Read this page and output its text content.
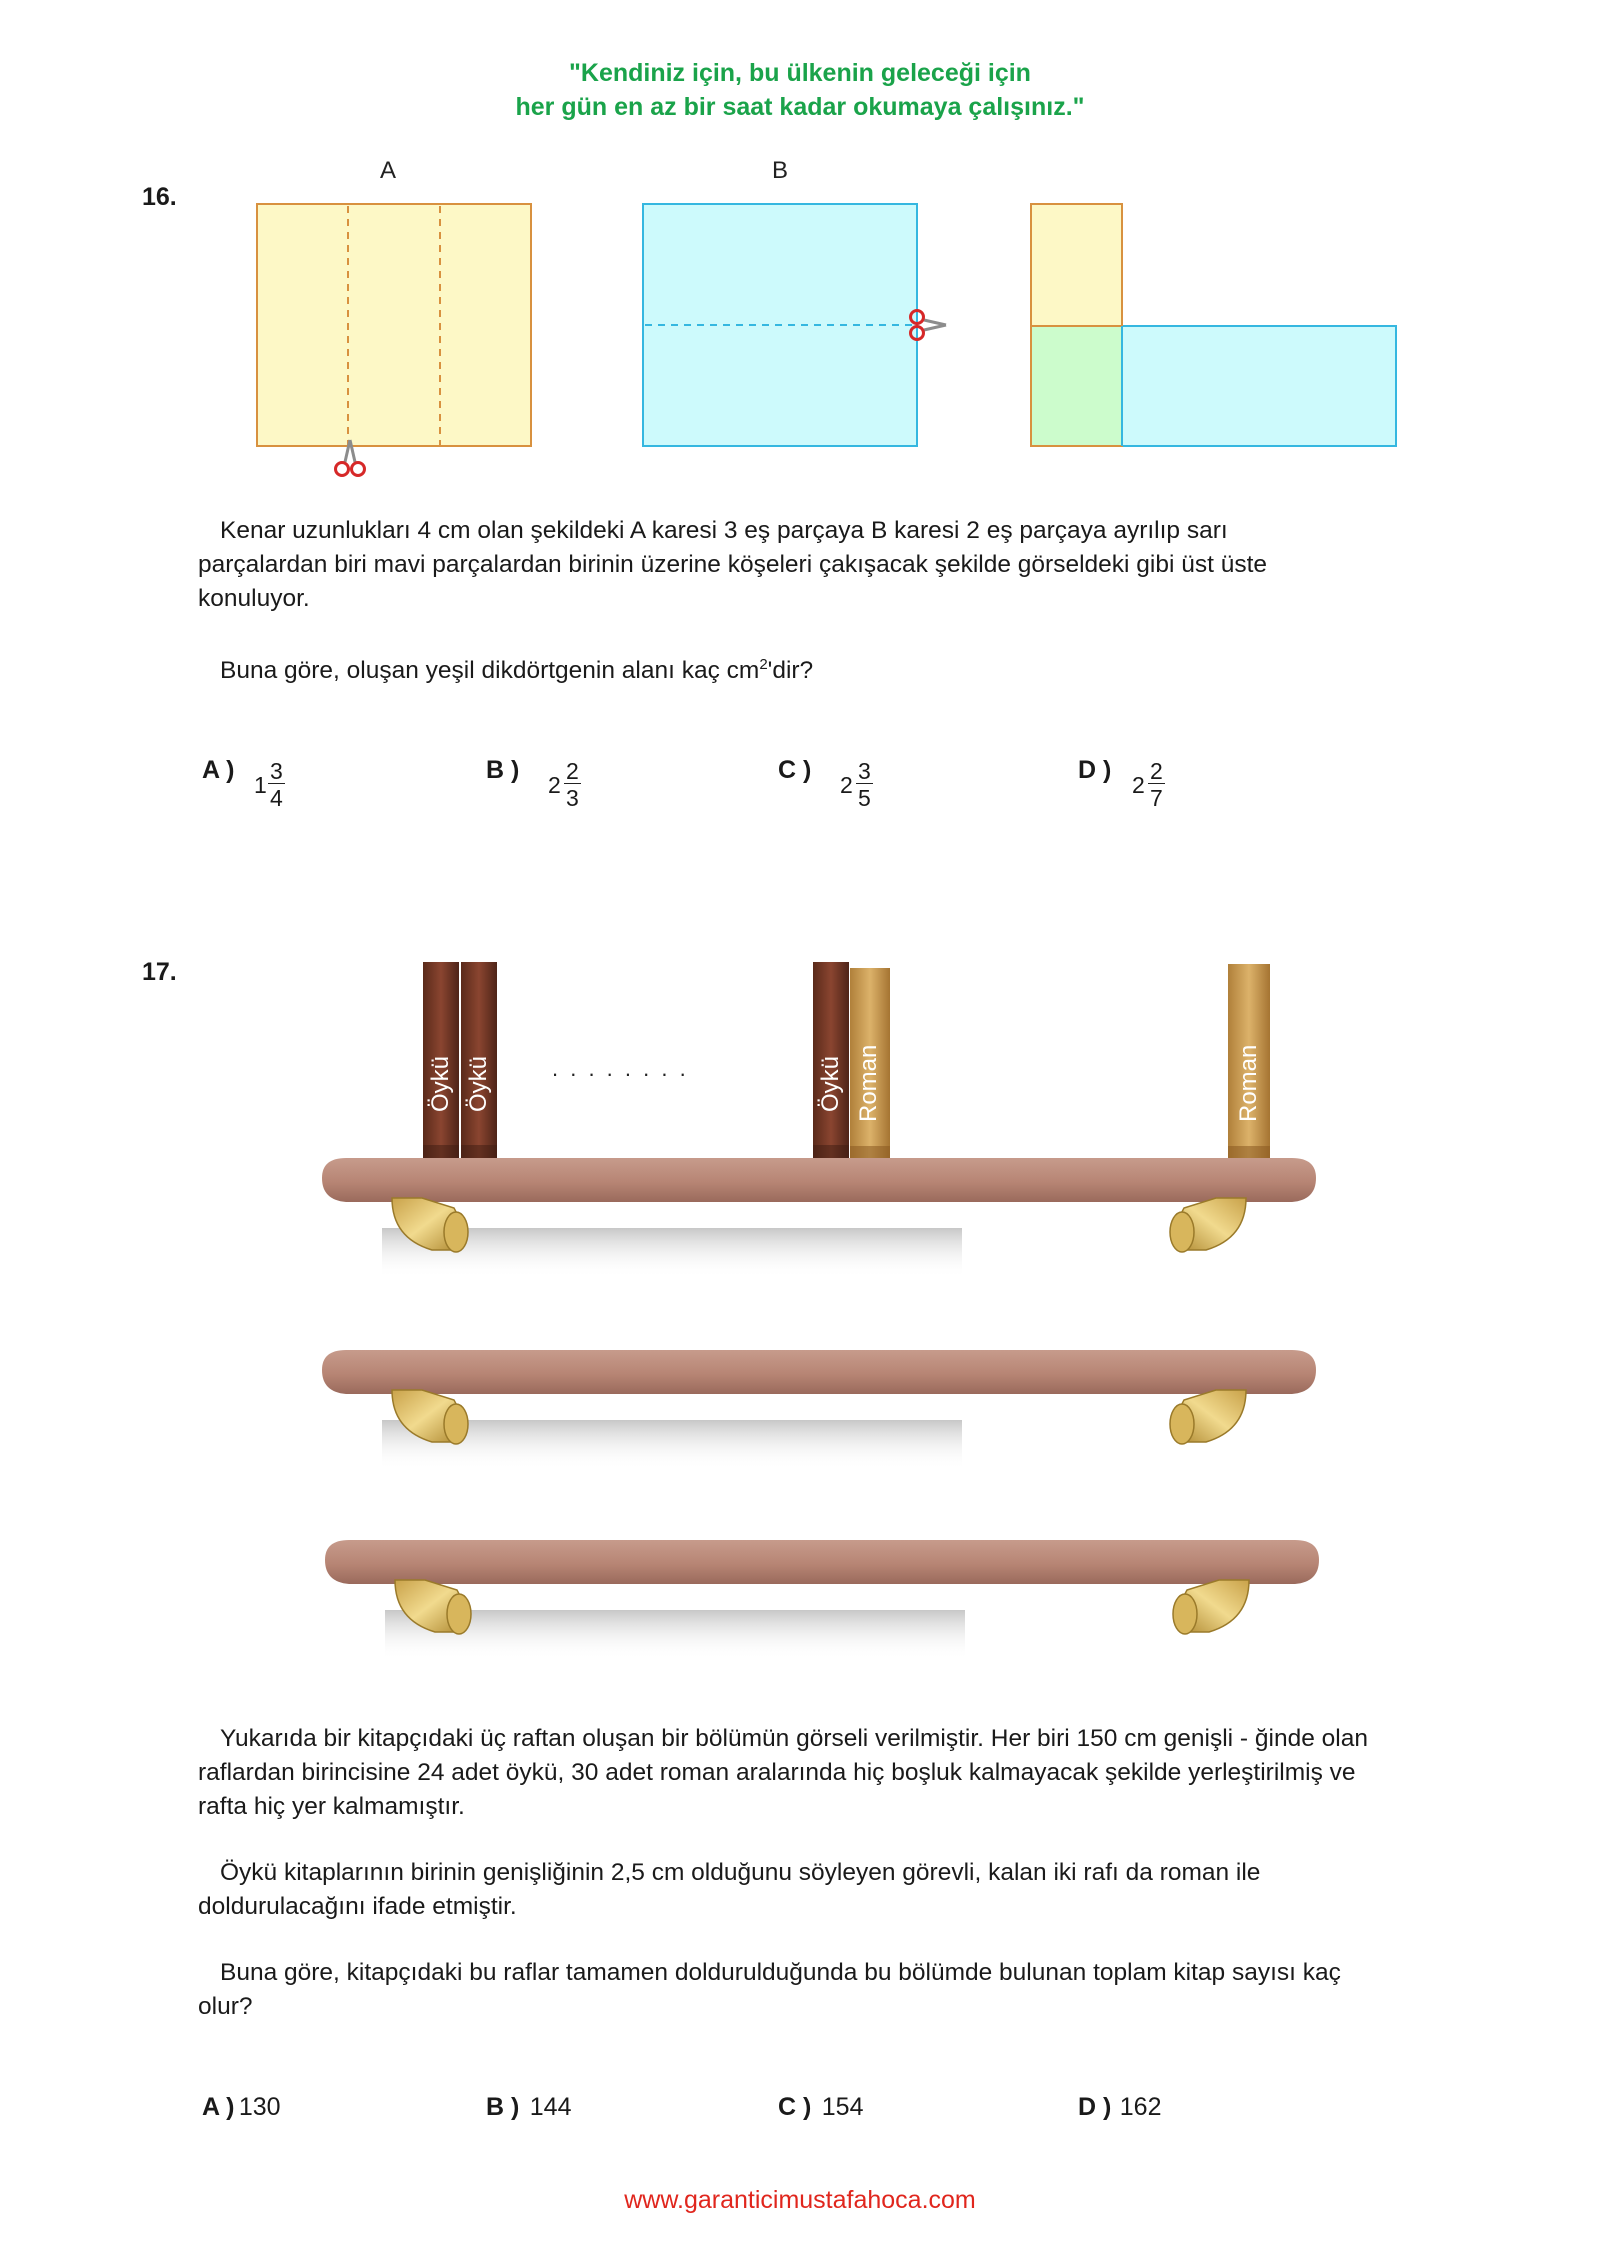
"Kendiniz için, bu ülkenin geleceği için
her gün en az bir saat kadar okumaya çalışınız."
16.
A	B

Kenar uzunlukları 4 cm olan şekildeki A karesi 3 eş parçaya B karesi 2 eş parçaya ayrılıp sarı parçalardan biri mavi parçalardan birinin üzerine köşeleri çakışacak şekilde görseldeki gibi üst üste konuluyor.

Buna göre, oluşan yeşil dikdörtgenin alanı kaç $cm^2'dir$?

A )
$1 \frac{3}{4}$	B )
$2 \frac{2}{3}$	C )
$2 \frac{3}{5}$	D )
$2 \frac{2}{7}$
17.
Öykü Öykü	. . . . . . . .	Öykü Roman	Roman

Yukarıda bir kitapçıdaki üç raftan oluşan bir bölümün görseli verilmiştir. Her biri 150 cm genişli - ğinde olan raflardan birincisine 24 adet öykü, 30 adet roman aralarında hiç boşluk kalmayacak şekilde yerleştirilmiş ve rafta hiç yer kalmamıştır.

Öykü kitaplarının birinin genişliğinin 2,5 cm olduğunu söyleyen görevli, kalan iki rafı da roman ile doldurulacağını ifade etmiştir.

Buna göre, kitapçıdaki bu raflar tamamen doldurulduğunda bu bölümde bulunan toplam kitap sayısı kaç olur?

A ) 130	B ) 144	C ) 154	D ) 162
www.garanticimustafahoca.com
